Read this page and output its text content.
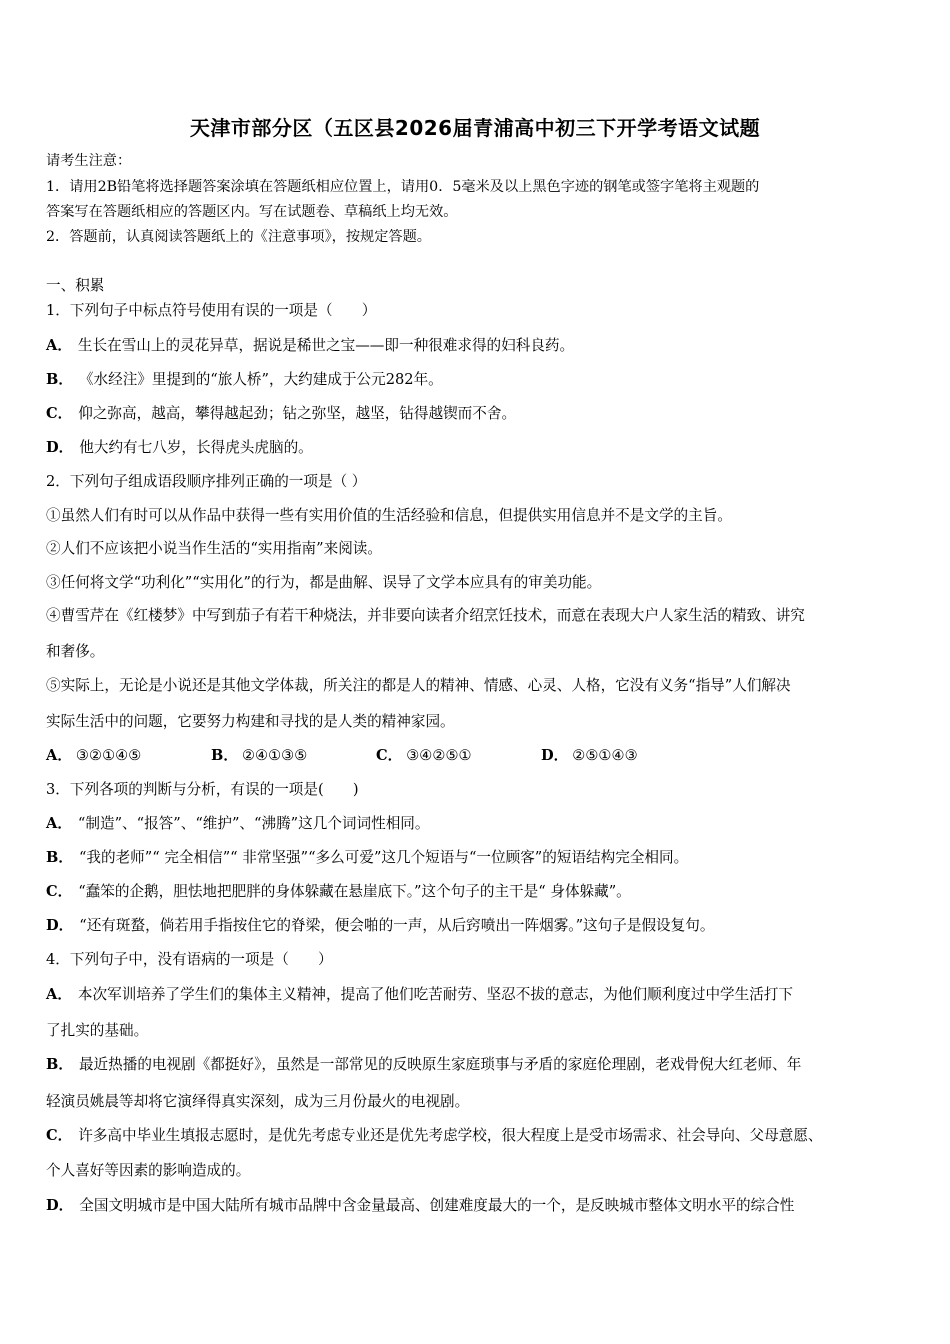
天津市部分区（五区县2026届青浦高中初三下开学考语文试题
请考生注意：
1．请用2B铅笔将选择题答案涂填在答题纸相应位置上，请用0．5毫米及以上黑色字迹的钢笔或签字笔将主观题的
答案写在答题纸相应的答题区内。写在试题卷、草稿纸上均无效。
2．答题前，认真阅读答题纸上的《注意事项》，按规定答题。
一、积累
1．下列句子中标点符号使用有误的一项是（　　）
A． 生长在雪山上的灵花异草，据说是稀世之宝——即一种很难求得的妇科良药。
B． 《水经注》里提到的“旅人桥”，大约建成于公元282年。
C． 仰之弥高，越高，攀得越起劲；钻之弥坚，越坚，钻得越锲而不舍。
D． 他大约有七八岁，长得虎头虎脑的。
2．下列句子组成语段顺序排列正确的一项是（ ）
①虽然人们有时可以从作品中获得一些有实用价值的生活经验和信息，但提供实用信息并不是文学的主旨。
②人们不应该把小说当作生活的“实用指南”来阅读。
③任何将文学“功利化”“实用化”的行为，都是曲解、误导了文学本应具有的审美功能。
④曹雪芹在《红楼梦》中写到茄子有若干种烧法，并非要向读者介绍烹饪技术，而意在表现大户人家生活的精致、讲究
和奢侈。
⑤实际上，无论是小说还是其他文学体裁，所关注的都是人的精神、情感、心灵、人格，它没有义务“指导”人们解决
实际生活中的问题，它要努力构建和寻找的是人类的精神家园。
A． ③②①④⑤	B． ②④①③⑤	C． ③④②⑤①	D． ②⑤①④③
3．下列各项的判断与分析，有误的一项是(　　)
A． “制造”、“报答”、“维护”、“沸腾”这几个词词性相同。
B． “我的老师”“ 完全相信”“ 非常坚强”“多么可爱”这几个短语与“一位顾客”的短语结构完全相同。
C． “蠢笨的企鹅，胆怯地把肥胖的身体躲藏在悬崖底下。”这个句子的主干是“ 身体躲藏”。
D． “还有斑蝥，倘若用手指按住它的脊梁，便会啪的一声，从后窍喷出一阵烟雾。”这句子是假设复句。
4．下列句子中，没有语病的一项是（　　）
A． 本次军训培养了学生们的集体主义精神，提高了他们吃苦耐劳、坚忍不拔的意志，为他们顺利度过中学生活打下
了扎实的基础。
B． 最近热播的电视剧《都挺好》，虽然是一部常见的反映原生家庭琐事与矛盾的家庭伦理剧，老戏骨倪大红老师、年
轻演员姚晨等却将它演绎得真实深刻，成为三月份最火的电视剧。
C． 许多高中毕业生填报志愿时，是优先考虑专业还是优先考虑学校，很大程度上是受市场需求、社会导向、父母意愿、
个人喜好等因素的影响造成的。
D． 全国文明城市是中国大陆所有城市品牌中含金量最高、创建难度最大的一个，是反映城市整体文明水平的综合性
